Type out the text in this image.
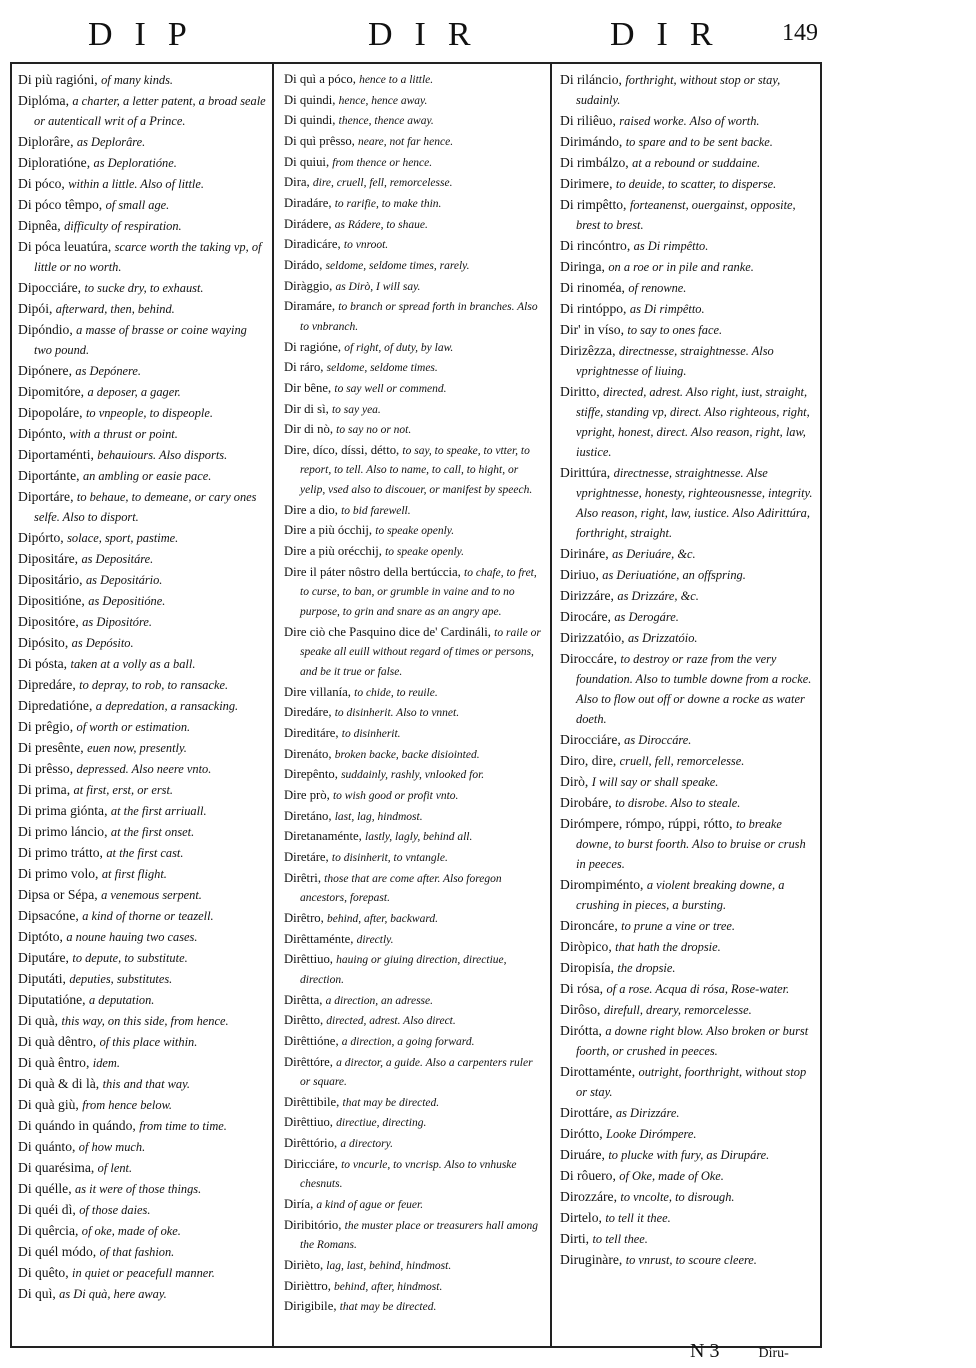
DIP	DIR	DIR 149
Di più ragióni, of many kinds.
Diplóma, a charter, a letter patent, a broad seale or autenticall writ of a Prince.
Diplorâre, as Deplorâre.
Diploratióne, as Deploratióne.
Di póco, within a little. Also of little.
Di póco têmpo, of small age.
Dipnêa, difficulty of respiration.
Di póca leuatúra, scarce worth the taking vp, of little or no worth.
Dipocciáre, to sucke dry, to exhaust.
Dipói, afterward, then, behind.
Dipóndio, a masse of brasse or coine waying two pound.
Dipónere, as Depónere.
Dipomitóre, a deposer, a gager.
Dipopoláre, to vnpeople, to dispeople.
Dipónto, with a thrust or point.
Diportaménti, behauiours. Also disports.
Diportánte, an ambling or easie pace.
Diportáre, to behaue, to demeane, or cary ones selfe. Also to disport.
Dipórto, solace, sport, pastime.
Dipositáre, as Depositáre.
Dipositário, as Depositário.
Dipositióne, as Depositióne.
Dipositóre, as Dipositóre.
Dipósito, as Depósito.
Di pósta, taken at a volly as a ball.
Dipredáre, to depray, to rob, to ransacke.
Dipredatióne, a depredation, a ransacking.
Di prêgio, of worth or estimation.
Di presênte, euen now, presently.
Di prêsso, depressed. Also neere vnto.
Di prima, at first, erst, or erst.
Di prima giónta, at the first arriuall.
Di primo láncio, at the first onset.
Di primo trátto, at the first cast.
Di primo volo, at first flight.
Dipsa or Sépa, a venemous serpent.
Dipsacóne, a kind of thorne or teazell.
Diptóto, a noune hauing two cases.
Diputáre, to depute, to substitute.
Diputáti, deputies, substitutes.
Diputatióne, a deputation.
Di quà, this way, on this side, from hence.
Di quà dêntro, of this place within.
Di quà êntro, idem.
Di quà & di là, this and that way.
Di quà giù, from hence below.
Di quándo in quándo, from time to time.
Di quánto, of how much.
Di quarésima, of lent.
Di quélle, as it were of those things.
Di quéi dì, of those daies.
Di quêrcia, of oke, made of oke.
Di quél módo, of that fashion.
Di quêto, in quiet or peacefull manner.
Di quì, as Di quà, here away.
Di quì a póco, hence to a little.
Di quindi, hence, hence away.
Di quindi, thence, thence away.
Di quì prêsso, neare, not far hence.
Di quiui, from thence or hence.
Dira, dire, cruell, fell, remorcelesse.
Diradáre, to rarifie, to make thin.
Dirádere, as Rádere, to shaue.
Diradicáre, to vnroot.
Dirádo, seldome, seldome times, rarely.
Diràggio, as Dirò, I will say.
Diramáre, to branch or spread forth in branches. Also to vnbranch.
Di ragióne, of right, of duty, by law.
Di ráro, seldome, seldome times.
Dir bêne, to say well or commend.
Dir di sì, to say yea.
Dir di nò, to say no or not.
Dire, díco, díssi, détto, to say, to speake, to vtter, to report, to tell. Also to name, to call, to hight, or yelip, vsed also to discouer, or manifest by speech.
Dire a dio, to bid farewell.
Dire a più ócchij, to speake openly.
Dire a più orécchij, to speake openly.
Dire il páter nôstro della bertúccia, to chafe, to fret, to curse, to ban, or grumble in vaine and to no purpose, to grin and snare as an angry ape.
Dire ciò che Pasquino dice de' Cardináli, to raile or speake all euill without regard of times or persons, and be it true or false.
Dire villanía, to chide, to reuile.
Diredáre, to disinherit. Also to vnnet.
Direditáre, to disinherit.
Direnáto, broken backe, backe disiointed.
Direpênto, suddainly, rashly, vnlooked for.
Dire prò, to wish good or profit vnto.
Diretáno, last, lag, hindmost.
Diretanaménte, lastly, lagly, behind all.
Diretáre, to disinherit, to vntangle.
Dirêtri, those that are come after. Also foregon ancestors, forepast.
Dirêtro, behind, after, backward.
Dirêttaménte, directly.
Dirêttiuo, hauing or giuing direction, directiue, direction.
Dirêtta, a direction, an adresse.
Dirêtto, directed, adrest. Also direct.
Dirêttióne, a direction, a going forward.
Dirêttóre, a director, a guide. Also a carpenters ruler or square.
Dirêttibile, that may be directed.
Dirêttiuo, directiue, directing.
Dirêttório, a directory.
Diricciáre, to vncurle, to vncrisp. Also to vnhuske chesnuts.
Diría, a kind of ague or feuer.
Diribitório, the muster place or treasurers hall among the Romans.
Dirièto, lag, last, behind, hindmost.
Dirièttro, behind, after, hindmost.
Dirigibile, that may be directed.
Di riláncio, forthright, without stop or stay, sudainly.
Di riliêuo, raised worke. Also of worth.
Dirimándo, to spare and to be sent backe.
Di rimbálzo, at a rebound or suddaine.
Dirimere, to deuide, to scatter, to disperse.
Di rimpêtto, forteanenst, ouergainst, opposite, brest to brest.
Di rincóntro, as Di rimpêtto.
Diringa, on a roe or in pile and ranke.
Di rinoméa, of renowne.
Di rintóppo, as Di rimpêtto.
Dir' in víso, to say to ones face.
Dirizêzza, directnesse, straightnesse. Also vprightnesse of liuing.
Diritto, directed, adrest. Also right, iust, straight, stiffe, standing vp, direct. Also righteous, right, vpright, honest, direct. Also reason, right, law, iustice.
Dirittúra, directnesse, straightnesse. Alse vprightnesse, honesty, righteousnesse, integrity. Also reason, right, law, iustice. Also Adirittúra, forthright, straight.
Dirináre, as Deriuáre, &c.
Diriuo, as Deriuatióne, an offspring.
Dirizzáre, as Drizzáre, &c.
Dirocáre, as Derogáre.
Dirizzatóio, as Drizzatóio.
Diroccáre, to destroy or raze from the very foundation. Also to tumble downe from a rocke. Also to flow out off or downe a rocke as water doeth.
Dirocciáre, as Diroccáre.
Diro, dire, cruell, fell, remorcelesse.
Dirò, I will say or shall speake.
Dirobáre, to disrobe. Also to steale.
Dirómpere, rómpo, rúppi, rótto, to breake downe, to burst foorth. Also to bruise or crush in peeces.
Dirompiménto, a violent breaking downe, a crushing in pieces, a bursting.
Dironcáre, to prune a vine or tree.
Diròpico, that hath the dropsie.
Diropisía, the dropsie.
Di rósa, of a rose. Acqua di rósa, Rose-water.
Dirôso, direfull, dreary, remorcelesse.
Dirótta, a downe right blow. Also broken or burst foorth, or crushed in peeces.
Dirottaménte, outright, foorthright, without stop or stay.
Dirottáre, as Dirizzáre.
Dirótto, Looke Dirómpere.
Diruáre, to plucke with fury, as Dirupáre.
Di rôuero, of Oke, made of Oke.
Dirozzáre, to vncolte, to disrough.
Dirtelo, to tell it thee.
Dirti, to tell thee.
Diruginàre, to vnrust, to scoure cleere.
N 3	Diru-
